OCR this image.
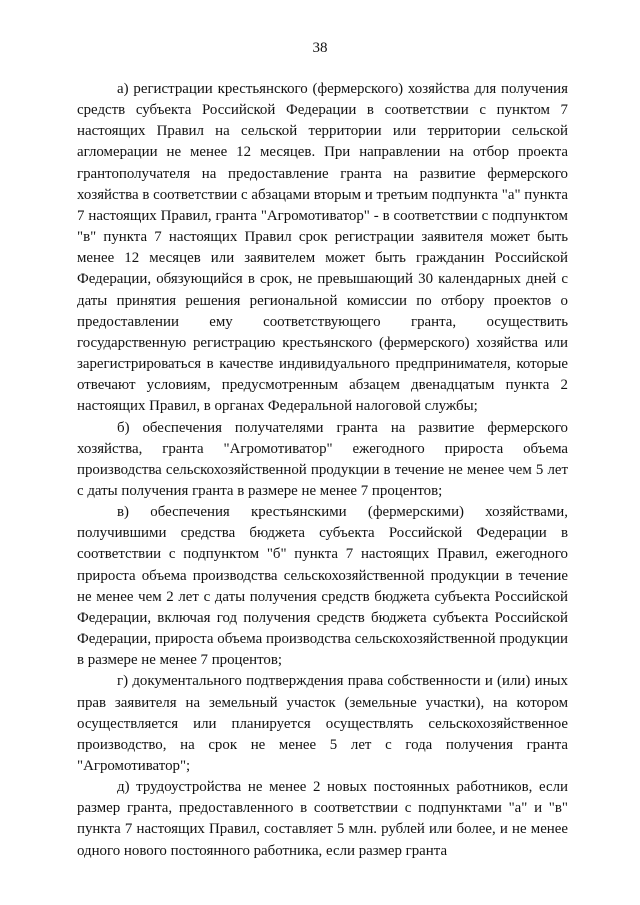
38

а) регистрации крестьянского (фермерского) хозяйства для получения средств субъекта Российской Федерации в соответствии с пунктом 7 настоящих Правил на сельской территории или территории сельской агломерации не менее 12 месяцев. При направлении на отбор проекта грантополучателя на предоставление гранта на развитие фермерского хозяйства в соответствии с абзацами вторым и третьим подпункта "а" пункта 7 настоящих Правил, гранта "Агромотиватор" - в соответствии с подпунктом "в" пункта 7 настоящих Правил срок регистрации заявителя может быть менее 12 месяцев или заявителем может быть гражданин Российской Федерации, обязующийся в срок, не превышающий 30 календарных дней с даты принятия решения региональной комиссии по отбору проектов о предоставлении ему соответствующего гранта, осуществить государственную регистрацию крестьянского (фермерского) хозяйства или зарегистрироваться в качестве индивидуального предпринимателя, которые отвечают условиям, предусмотренным абзацем двенадцатым пункта 2 настоящих Правил, в органах Федеральной налоговой службы;

б) обеспечения получателями гранта на развитие фермерского хозяйства, гранта "Агромотиватор" ежегодного прироста объема производства сельскохозяйственной продукции в течение не менее чем 5 лет с даты получения гранта в размере не менее 7 процентов;

в) обеспечения крестьянскими (фермерскими) хозяйствами, получившими средства бюджета субъекта Российской Федерации в соответствии с подпунктом "б" пункта 7 настоящих Правил, ежегодного прироста объема производства сельскохозяйственной продукции в течение не менее чем 2 лет с даты получения средств бюджета субъекта Российской Федерации, включая год получения средств бюджета субъекта Российской Федерации, прироста объема производства сельскохозяйственной продукции в размере не менее 7 процентов;

г) документального подтверждения права собственности и (или) иных прав заявителя на земельный участок (земельные участки), на котором осуществляется или планируется осуществлять сельскохозяйственное производство, на срок не менее 5 лет с года получения гранта "Агромотиватор";

д) трудоустройства не менее 2 новых постоянных работников, если размер гранта, предоставленного в соответствии с подпунктами "а" и "в" пункта 7 настоящих Правил, составляет 5 млн. рублей или более, и не менее одного нового постоянного работника, если размер гранта
